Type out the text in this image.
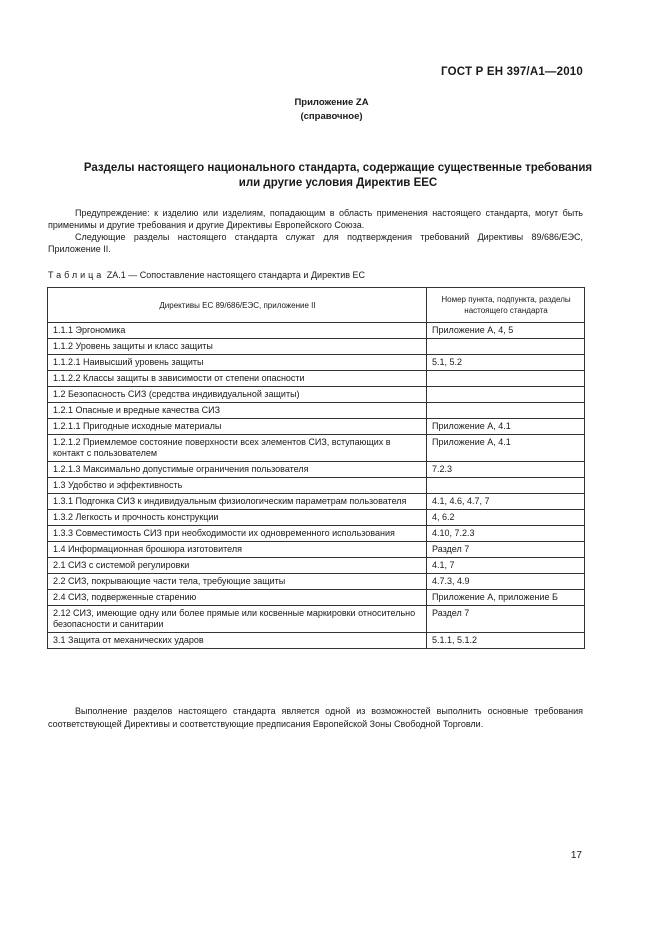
ГОСТ Р ЕН 397/А1—2010
Приложение ZA
(справочное)
Разделы настоящего национального стандарта, содержащие существенные требования
или другие условия Директив ЕЕС
Предупреждение: к изделию или изделиям, попадающим в область применения настоящего стандарта, могут быть применимы и другие требования и другие Директивы Европейского Союза.
Следующие разделы настоящего стандарта служат для подтверждения требований Директивы 89/686/ЕЭС, Приложение II.
Таблица ZA.1 — Сопоставление настоящего стандарта и Директив ЕС
Директивы ЕС 89/686/ЕЭС, приложение II	Номер пункта, подпункта, разделы настоящего стандарта
1.1.1 Эргономика	Приложение А, 4, 5
1.1.2 Уровень защиты и класс защиты	
1.1.2.1 Наивысший уровень защиты	5.1, 5.2
1.1.2.2 Классы защиты в зависимости от степени опасности	
1.2 Безопасность СИЗ (средства индивидуальной защиты)	
1.2.1 Опасные и вредные качества СИЗ	
1.2.1.1 Пригодные исходные материалы	Приложение А, 4.1
1.2.1.2 Приемлемое состояние поверхности всех элементов СИЗ, вступающих в контакт с пользователем	Приложение А, 4.1
1.2.1.3 Максимально допустимые ограничения пользователя	7.2.3
1.3 Удобство и эффективность	
1.3.1 Подгонка СИЗ к индивидуальным физиологическим параметрам пользователя	4.1, 4.6, 4.7, 7
1.3.2 Легкость и прочность конструкции	4, 6.2
1.3.3 Совместимость СИЗ при необходимости их одновременного использования	4.10, 7.2.3
1.4 Информационная брошюра изготовителя	Раздел 7
2.1 СИЗ с системой регулировки	4.1, 7
2.2 СИЗ, покрывающие части тела, требующие защиты	4.7.3, 4.9
2.4 СИЗ, подверженные старению	Приложение А, приложение Б
2.12 СИЗ, имеющие одну или более прямые или косвенные маркировки относительно безопасности и санитарии	Раздел 7
3.1 Защита от механических ударов	5.1.1, 5.1.2
Выполнение разделов настоящего стандарта является одной из возможностей выполнить основные требования соответствующей Директивы и соответствующие предписания Европейской Зоны Свободной Торговли.
17
